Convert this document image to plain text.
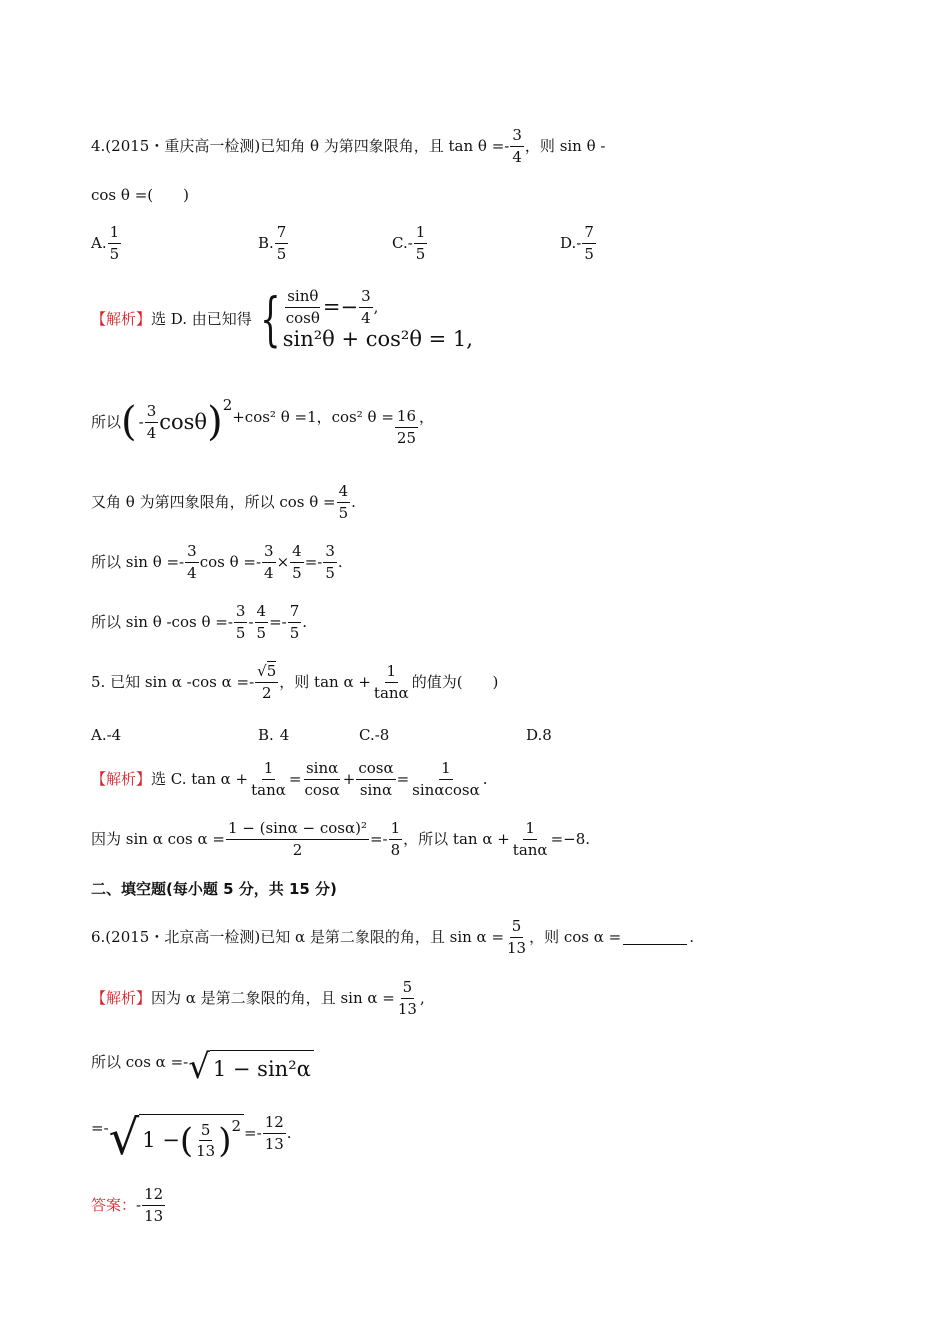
4.(2015・重庆高一检测)已知角 θ 为第四象限角，且 $\tan \theta =- \frac{3}{4}$ ，则 sin θ -
cos θ =(　　)
A. $\frac{1}{5}$	B. $\frac{7}{5}$	C. - $\frac{1}{5}$	D. - $\frac{7}{5}$
【解析】 选 D. 由已知得 { $\frac{\sin\theta}{\cos\theta} =- \frac{3}{4}$ ,
sin²θ + cos²θ = 1,
所以 ( - $\frac{3}{4}$ cosθ ) 2
+cos² θ =1，cos² $\theta = \frac{16}{25}$ ，
又角 θ 为第四象限角，所以 $\cos \theta = \frac{4}{5}$ .
所以 $\sin \theta =- \frac{3}{4}$ $\cos \theta =- \frac{3}{4} \times \frac{4}{5} =- \frac{3}{5}$ .
所以 sin θ -cos $\theta =- \frac{3}{5} - \frac{4}{5} =- \frac{7}{5}$ .
5. 已知 sin α -cos $\alpha =- \frac{√5}{2}$ ，则 $\tan \alpha + \frac{1}{\tan\alpha}$ 的值为(　　)
A. -4	B. 4	C. -8	D. 8
【解析】 选 C. $\tan \alpha + \frac{1}{\tan\alpha} = \frac{\sin\alpha}{\cos\alpha} + \frac{\cos\alpha}{\sin\alpha} = \frac{1}{\sin\alpha\cos\alpha}$ .
因为 sin α $\cos \alpha = \frac{\text{1 − (sinα − cosα)²}}{2} =- \frac{1}{8}$ ，所以 $\tan \alpha + \frac{1}{\tan\alpha} =-8$.
二、填空题(每小题 5 分，共 15 分)
6.(2015・北京高一检测)已知 α 是第二象限的角，且 $\sin \alpha = \frac{5}{13}$ ，则 cos α =	.
【解析】 因为 α 是第二象限的角，且 $\sin \alpha = \frac{5}{13}$ ,
所以 cos α =- √ 1 − sin²α
=- √ 1 − ( $\frac{5}{13}$ ) $2 =- \frac{12}{13}$ .
答案： - $\frac{12}{13}$
